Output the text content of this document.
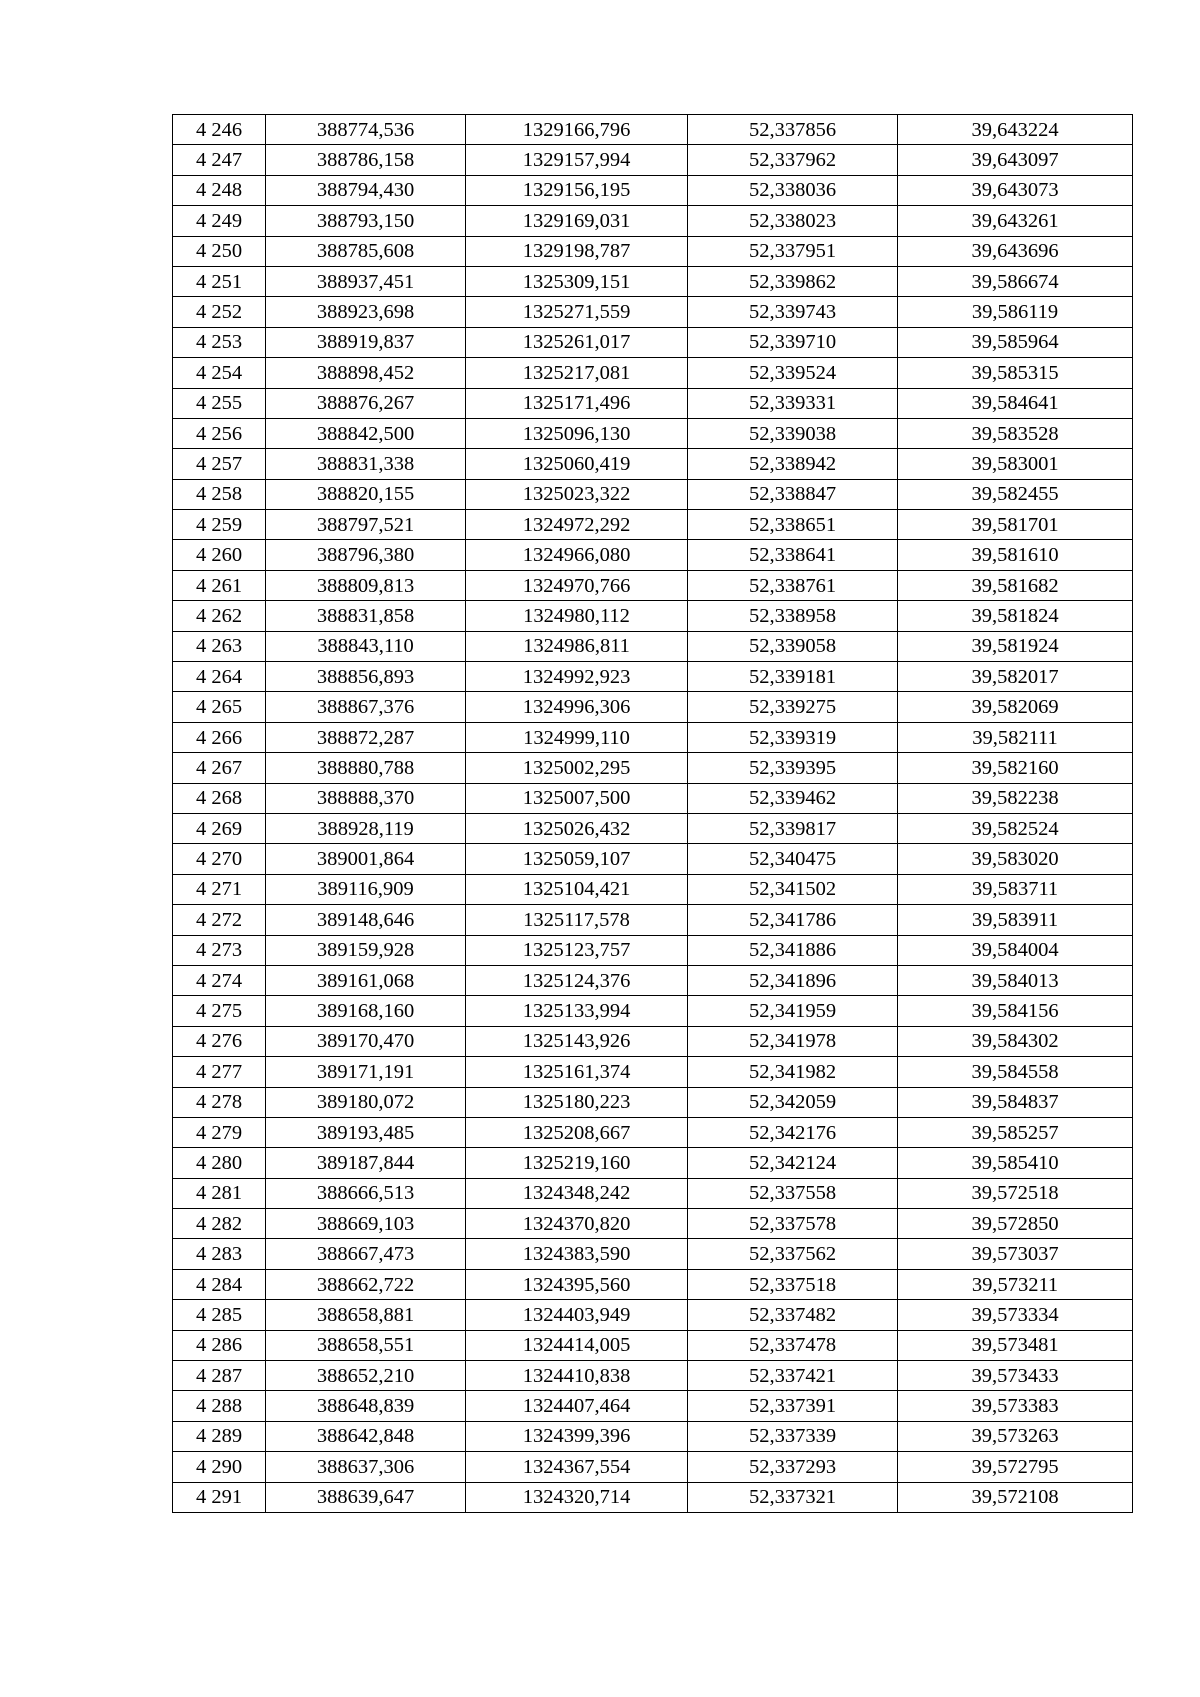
4 246	388774,536	1329166,796	52,337856	39,643224
4 247	388786,158	1329157,994	52,337962	39,643097
4 248	388794,430	1329156,195	52,338036	39,643073
4 249	388793,150	1329169,031	52,338023	39,643261
4 250	388785,608	1329198,787	52,337951	39,643696
4 251	388937,451	1325309,151	52,339862	39,586674
4 252	388923,698	1325271,559	52,339743	39,586119
4 253	388919,837	1325261,017	52,339710	39,585964
4 254	388898,452	1325217,081	52,339524	39,585315
4 255	388876,267	1325171,496	52,339331	39,584641
4 256	388842,500	1325096,130	52,339038	39,583528
4 257	388831,338	1325060,419	52,338942	39,583001
4 258	388820,155	1325023,322	52,338847	39,582455
4 259	388797,521	1324972,292	52,338651	39,581701
4 260	388796,380	1324966,080	52,338641	39,581610
4 261	388809,813	1324970,766	52,338761	39,581682
4 262	388831,858	1324980,112	52,338958	39,581824
4 263	388843,110	1324986,811	52,339058	39,581924
4 264	388856,893	1324992,923	52,339181	39,582017
4 265	388867,376	1324996,306	52,339275	39,582069
4 266	388872,287	1324999,110	52,339319	39,582111
4 267	388880,788	1325002,295	52,339395	39,582160
4 268	388888,370	1325007,500	52,339462	39,582238
4 269	388928,119	1325026,432	52,339817	39,582524
4 270	389001,864	1325059,107	52,340475	39,583020
4 271	389116,909	1325104,421	52,341502	39,583711
4 272	389148,646	1325117,578	52,341786	39,583911
4 273	389159,928	1325123,757	52,341886	39,584004
4 274	389161,068	1325124,376	52,341896	39,584013
4 275	389168,160	1325133,994	52,341959	39,584156
4 276	389170,470	1325143,926	52,341978	39,584302
4 277	389171,191	1325161,374	52,341982	39,584558
4 278	389180,072	1325180,223	52,342059	39,584837
4 279	389193,485	1325208,667	52,342176	39,585257
4 280	389187,844	1325219,160	52,342124	39,585410
4 281	388666,513	1324348,242	52,337558	39,572518
4 282	388669,103	1324370,820	52,337578	39,572850
4 283	388667,473	1324383,590	52,337562	39,573037
4 284	388662,722	1324395,560	52,337518	39,573211
4 285	388658,881	1324403,949	52,337482	39,573334
4 286	388658,551	1324414,005	52,337478	39,573481
4 287	388652,210	1324410,838	52,337421	39,573433
4 288	388648,839	1324407,464	52,337391	39,573383
4 289	388642,848	1324399,396	52,337339	39,573263
4 290	388637,306	1324367,554	52,337293	39,572795
4 291	388639,647	1324320,714	52,337321	39,572108
